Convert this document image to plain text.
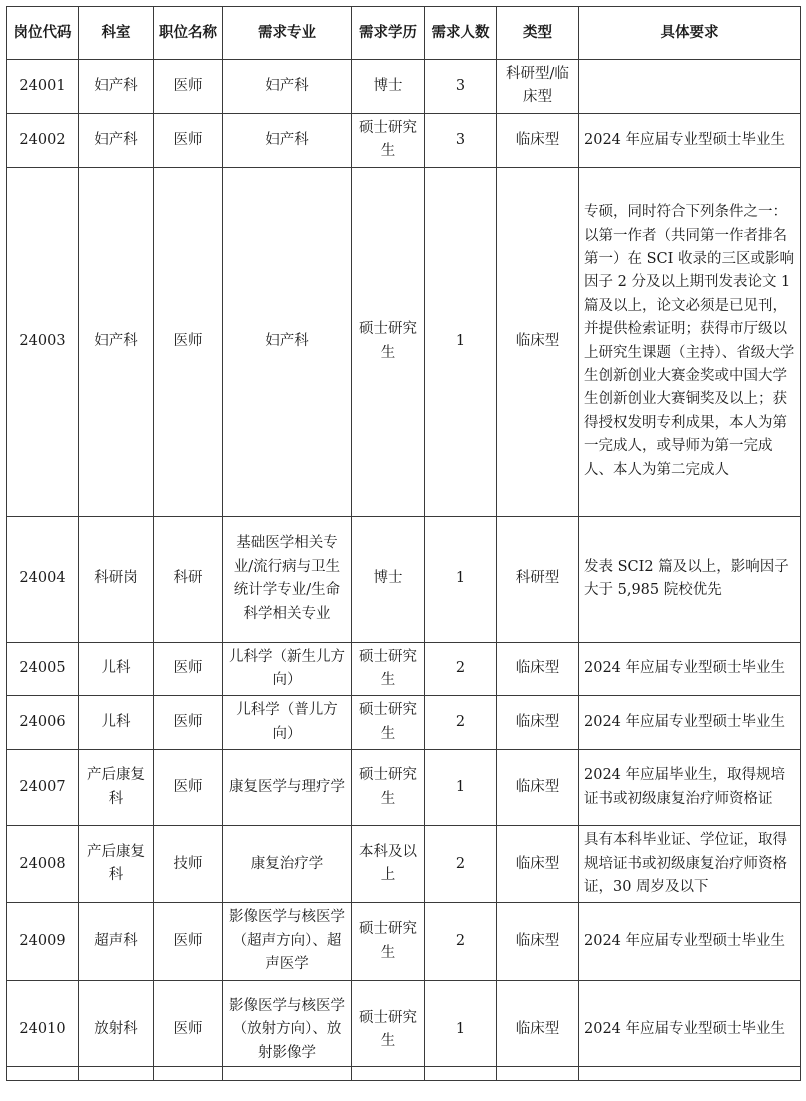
岗位代码	科室	职位名称	需求专业	需求学历	需求人数	类型	具体要求
24001	妇产科	医师	妇产科	博士	3	科研型/临床型	
24002	妇产科	医师	妇产科	硕士研究生	3	临床型	2024 年应届专业型硕士毕业生
24003	妇产科	医师	妇产科	硕士研究生	1	临床型	专硕，同时符合下列条件之一：以第一作者（共同第一作者排名第一）在 SCI 收录的三区或影响因子 2 分及以上期刊发表论文 1 篇及以上，论文必须是已见刊，并提供检索证明；获得市厅级以上研究生课题（主持）、省级大学生创新创业大赛金奖或中国大学生创新创业大赛铜奖及以上；获得授权发明专利成果，本人为第一完成人，或导师为第一完成人、本人为第二完成人
24004	科研岗	科研	基础医学相关专业/流行病与卫生统计学专业/生命科学相关专业	博士	1	科研型	发表 SCI2 篇及以上，影响因子大于 5,985 院校优先
24005	儿科	医师	儿科学（新生儿方向）	硕士研究生	2	临床型	2024 年应届专业型硕士毕业生
24006	儿科	医师	儿科学（普儿方向）	硕士研究生	2	临床型	2024 年应届专业型硕士毕业生
24007	产后康复科	医师	康复医学与理疗学	硕士研究生	1	临床型	2024 年应届毕业生，取得规培证书或初级康复治疗师资格证
24008	产后康复科	技师	康复治疗学	本科及以上	2	临床型	具有本科毕业证、学位证，取得规培证书或初级康复治疗师资格证，30 周岁及以下
24009	超声科	医师	影像医学与核医学（超声方向）、超声医学	硕士研究生	2	临床型	2024 年应届专业型硕士毕业生
24010	放射科	医师	影像医学与核医学（放射方向）、放射影像学	硕士研究生	1	临床型	2024 年应届专业型硕士毕业生
